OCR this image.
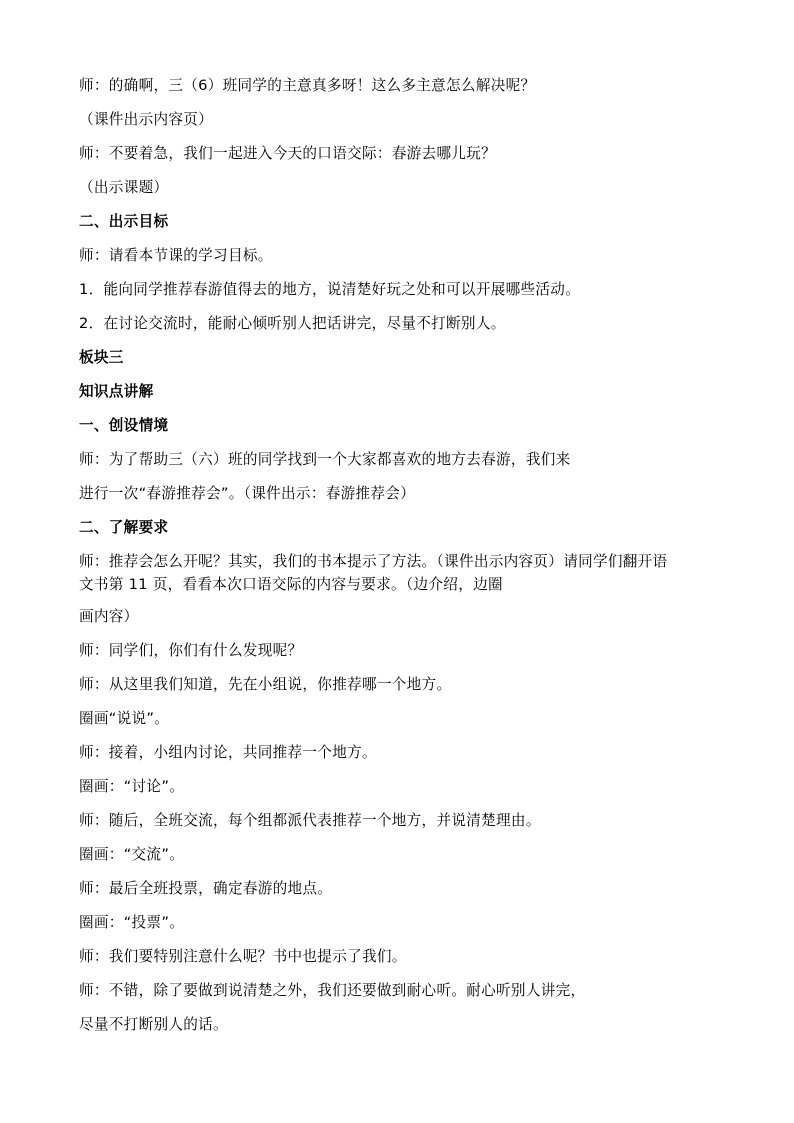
师：的确啊，三（6）班同学的主意真多呀！这么多主意怎么解决呢？
（课件出示内容页）
师：不要着急，我们一起进入今天的口语交际：春游去哪儿玩？
（出示课题）
二、出示目标
师：请看本节课的学习目标。
1．能向同学推荐春游值得去的地方，说清楚好玩之处和可以开展哪些活动。
2．在讨论交流时，能耐心倾听别人把话讲完，尽量不打断别人。
板块三
知识点讲解
一、创设情境
师：为了帮助三（六）班的同学找到一个大家都喜欢的地方去春游，我们来
进行一次“春游推荐会”。（课件出示：春游推荐会）
二、了解要求
师：推荐会怎么开呢？其实，我们的书本提示了方法。（课件出示内容页）请同学们翻开语
文书第 11 页，看看本次口语交际的内容与要求。（边介绍，边圈
画内容）
师：同学们，你们有什么发现呢？
师：从这里我们知道，先在小组说，你推荐哪一个地方。
圈画“说说”。
师：接着，小组内讨论，共同推荐一个地方。
圈画：“讨论”。
师：随后，全班交流，每个组都派代表推荐一个地方，并说清楚理由。
圈画：“交流”。
师：最后全班投票，确定春游的地点。
圈画：“投票”。
师：我们要特别注意什么呢？书中也提示了我们。
师：不错，除了要做到说清楚之外，我们还要做到耐心听。耐心听别人讲完，
尽量不打断别人的话。
